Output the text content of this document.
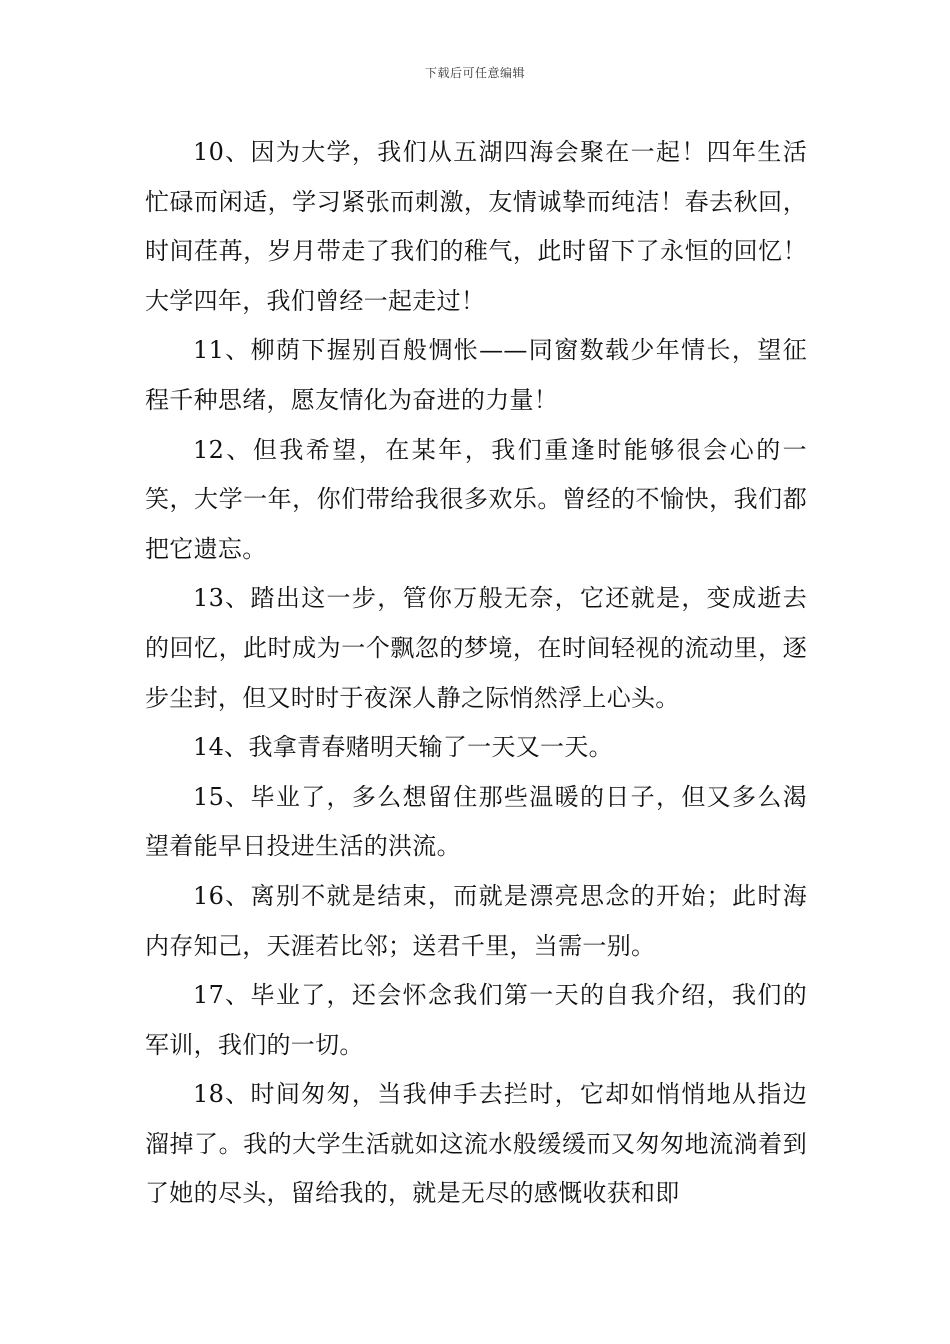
下载后可任意编辑

10、因为大学，我们从五湖四海会聚在一起！四年生活忙碌而闲适，学习紧张而刺激，友情诚挚而纯洁！春去秋回，时间荏苒，岁月带走了我们的稚气，此时留下了永恒的回忆！大学四年，我们曾经一起走过！

11、柳荫下握别百般惆怅——同窗数载少年情长，望征程千种思绪，愿友情化为奋进的力量！

12、但我希望，在某年，我们重逢时能够很会心的一笑，大学一年，你们带给我很多欢乐。曾经的不愉快，我们都把它遗忘。

13、踏出这一步，管你万般无奈，它还就是，变成逝去的回忆，此时成为一个飘忽的梦境，在时间轻视的流动里，逐步尘封，但又时时于夜深人静之际悄然浮上心头。

14、我拿青春赌明天输了一天又一天。

15、毕业了，多么想留住那些温暖的日子，但又多么渴望着能早日投进生活的洪流。

16、离别不就是结束，而就是漂亮思念的开始；此时海内存知己，天涯若比邻；送君千里，当需一别。

17、毕业了，还会怀念我们第一天的自我介绍，我们的军训，我们的一切。

18、时间匆匆，当我伸手去拦时，它却如悄悄地从指边溜掉了。我的大学生活就如这流水般缓缓而又匆匆地流淌着到了她的尽头，留给我的，就是无尽的感慨收获和即
